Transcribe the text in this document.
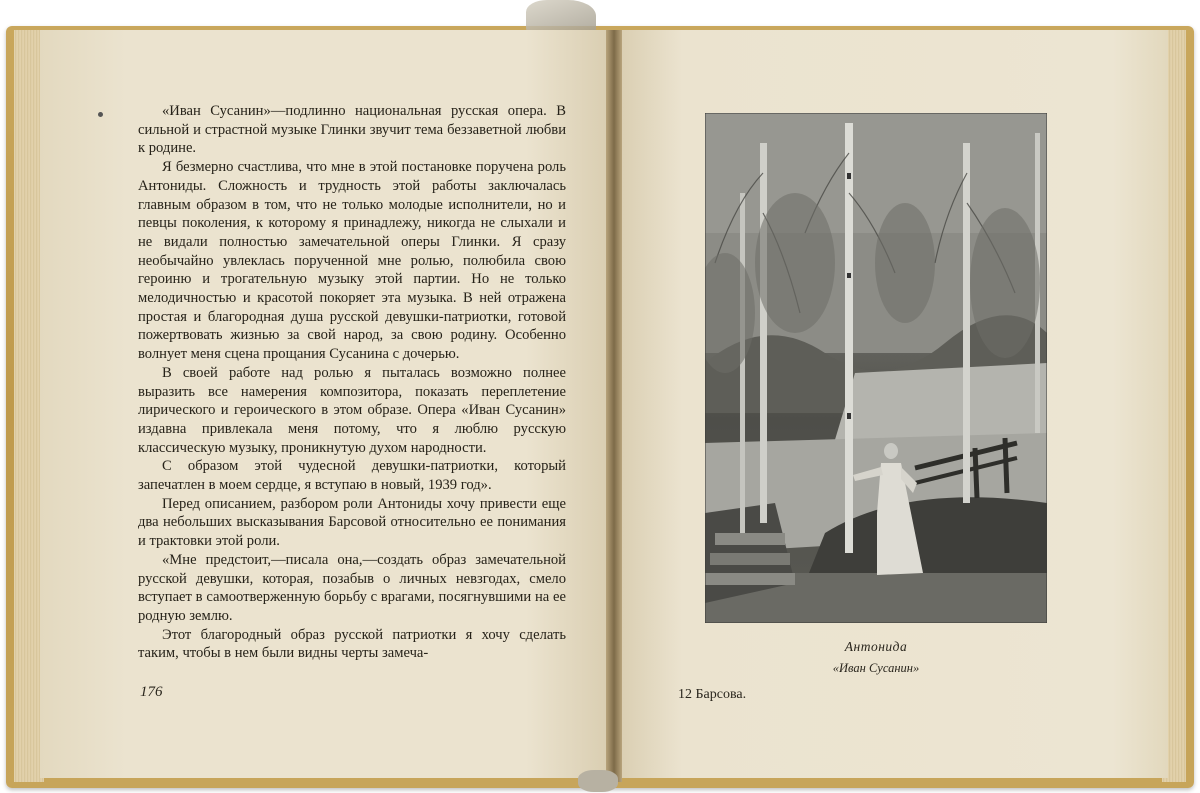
«Иван Сусанин»—подлинно национальная русская опера. В сильной и страстной музыке Глинки звучит тема беззаветной любви к родине.

Я безмерно счастлива, что мне в этой постановке поручена роль Антониды. Сложность и трудность этой работы заключалась главным образом в том, что не только молодые исполнители, но и певцы поколения, к которому я принадлежу, никогда не слыхали и не видали полностью замечательной оперы Глинки. Я сразу необычайно увлеклась порученной мне ролью, полюбила свою героиню и трогательную музыку этой партии. Но не только мелодичностью и красотой покоряет эта музыка. В ней отражена простая и благородная душа русской девушки-патриотки, готовой пожертвовать жизнью за свой народ, за свою родину. Особенно волнует меня сцена прощания Сусанина с дочерью.

В своей работе над ролью я пыталась возможно полнее выразить все намерения композитора, показать переплетение лирического и героического в этом образе. Опера «Иван Сусанин» издавна привлекала меня потому, что я люблю русскую классическую музыку, проникнутую духом народности.

С образом этой чудесной девушки-патриотки, который запечатлен в моем сердце, я вступаю в новый, 1939 год».

Перед описанием, разбором роли Антониды хочу привести еще два небольших высказывания Барсовой относительно ее понимания и трактовки этой роли.

«Мне предстоит,—писала она,—создать образ замечательной русской девушки, которая, позабыв о личных невзгодах, смело вступает в самоотверженную борьбу с врагами, посягнувшими на ее родную землю.

Этот благородный образ русской патриотки я хочу сделать таким, чтобы в нем были видны черты замеча-

176
Антонида
«Иван Сусанин»
12 Барсова.
